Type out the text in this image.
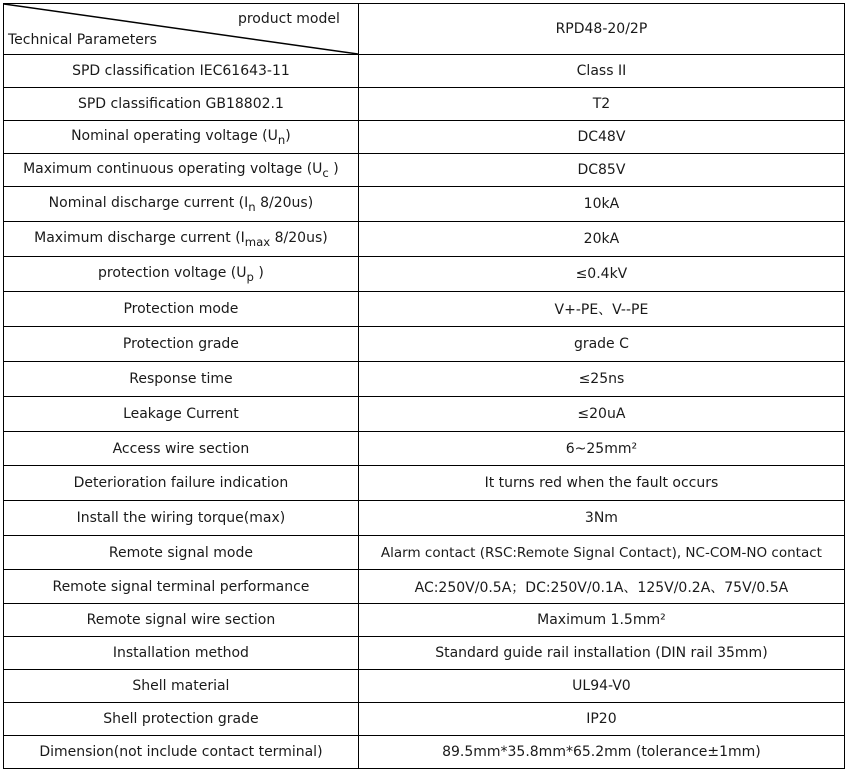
product model
Technical Parameters	RPD48-20/2P
SPD classification IEC61643-11	Class II
SPD classification GB18802.1	T2
Nominal operating voltage $(U_n)$	DC48V
Maximum continuous operating voltage ($U_c$ )	DC85V
Nominal discharge current ($I_n$ 8/20us)	10kA
Maximum discharge current ($I_{max}$ 8/20us)	20kA
protection voltage ($U_p$ )	≤0.4kV
Protection mode	V+-PE、V--PE
Protection grade	grade C
Response time	≤25ns
Leakage Current	≤20uA
Access wire section	6~25mm²
Deterioration failure indication	It turns red when the fault occurs
Install the wiring torque(max)	3Nm
Remote signal mode	Alarm contact (RSC:Remote Signal Contact), NC-COM-NO contact
Remote signal terminal performance	AC:250V/0.5A；DC:250V/0.1A、125V/0.2A、75V/0.5A
Remote signal wire section	Maximum 1.5mm²
Installation method	Standard guide rail installation (DIN rail 35mm)
Shell material	UL94-V0
Shell protection grade	IP20
Dimension(not include contact terminal)	89.5mm*35.8mm*65.2mm (tolerance±1mm)
